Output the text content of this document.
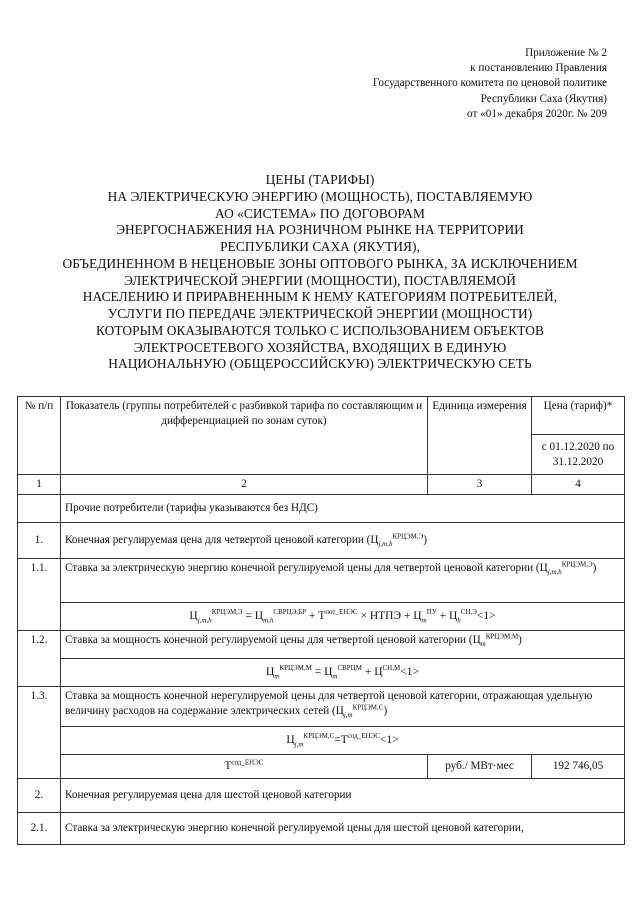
Приложение № 2
к постановлению Правления
Государственного комитета по ценовой политике
Республики Саха (Якутия)
от «01» декабря 2020г. № 209
ЦЕНЫ (ТАРИФЫ)
НА ЭЛЕКТРИЧЕСКУЮ ЭНЕРГИЮ (МОЩНОСТЬ), ПОСТАВЛЯЕМУЮ
АО «СИСТЕМА» ПО ДОГОВОРАМ
ЭНЕРГОСНАБЖЕНИЯ НА РОЗНИЧНОМ РЫНКЕ НА ТЕРРИТОРИИ
РЕСПУБЛИКИ САХА (ЯКУТИЯ),
ОБЪЕДИНЕННОМ В НЕЦЕНОВЫЕ ЗОНЫ ОПТОВОГО РЫНКА, ЗА ИСКЛЮЧЕНИЕМ
ЭЛЕКТРИЧЕСКОЙ ЭНЕРГИИ (МОЩНОСТИ), ПОСТАВЛЯЕМОЙ
НАСЕЛЕНИЮ И ПРИРАВНЕННЫМ К НЕМУ КАТЕГОРИЯМ ПОТРЕБИТЕЛЕЙ,
УСЛУГИ ПО ПЕРЕДАЧЕ ЭЛЕКТРИЧЕСКОЙ ЭНЕРГИИ (МОЩНОСТИ)
КОТОРЫМ ОКАЗЫВАЮТСЯ ТОЛЬКО С ИСПОЛЬЗОВАНИЕМ ОБЪЕКТОВ
ЭЛЕКТРОСЕТЕВОГО ХОЗЯЙСТВА, ВХОДЯЩИХ В ЕДИНУЮ
НАЦИОНАЛЬНУЮ (ОБЩЕРОССИЙСКУЮ) ЭЛЕКТРИЧЕСКУЮ СЕТЬ
№ п/п	Показатель (группы потребителей с разбивкой тарифа по составляющим и дифференциацией по зонам суток)	Единица измерения	Цена (тариф)*
			с 01.12.2020 по 31.12.2020
1	2	3	4
	Прочие потребители (тарифы указываются без НДС)		
1.	Конечная регулируемая цена для четвертой ценовой категории $(Ц_{j,m,h}^{КРЦЭМ,Э})$		
1.1.	Ставка за электрическую энергию конечной регулируемой цены для четвертой ценовой категории $(Ц_{j,m,h}^{КРЦЭМ,Э})$		
	$Ц_{j,m,h}^{КРЦЭМ,Э} = Ц_{m,h}^{СВРЦЭ,БР} + Т^{пот\_ЕНЭС}$ × НТПЭ + $Ц_m^{ПУ} + Ц_h^{СН,Э}<1>$		
1.2.	Ставка за мощность конечной регулируемой цены для четвертой ценовой категории $(Ц_m^{КРЦЭМ,М})$		
	$Ц_m^{КРЦЭМ,М} = Ц_m^{СВРЦМ} + Ц^{СН,М}<1>$		
1.3.	Ставка за мощность конечной нерегулируемой цены для четвертой ценовой категории, отражающая удельную величину расходов на содержание электрических сетей $(Ц_{j,m}^{КРЦЭМ,С})$		
	$Ц_{j,m}^{КРЦЭМ,С}=Т^{сод\_ЕНЭС}<1>$		
	$Т^{сод\_ЕНЭС}$	руб./ МВт·мес	192 746,05
2.	Конечная регулируемая цена для шестой ценовой категории		
2.1.	Ставка за электрическую энергию конечной регулируемой цены для шестой ценовой категории,		
